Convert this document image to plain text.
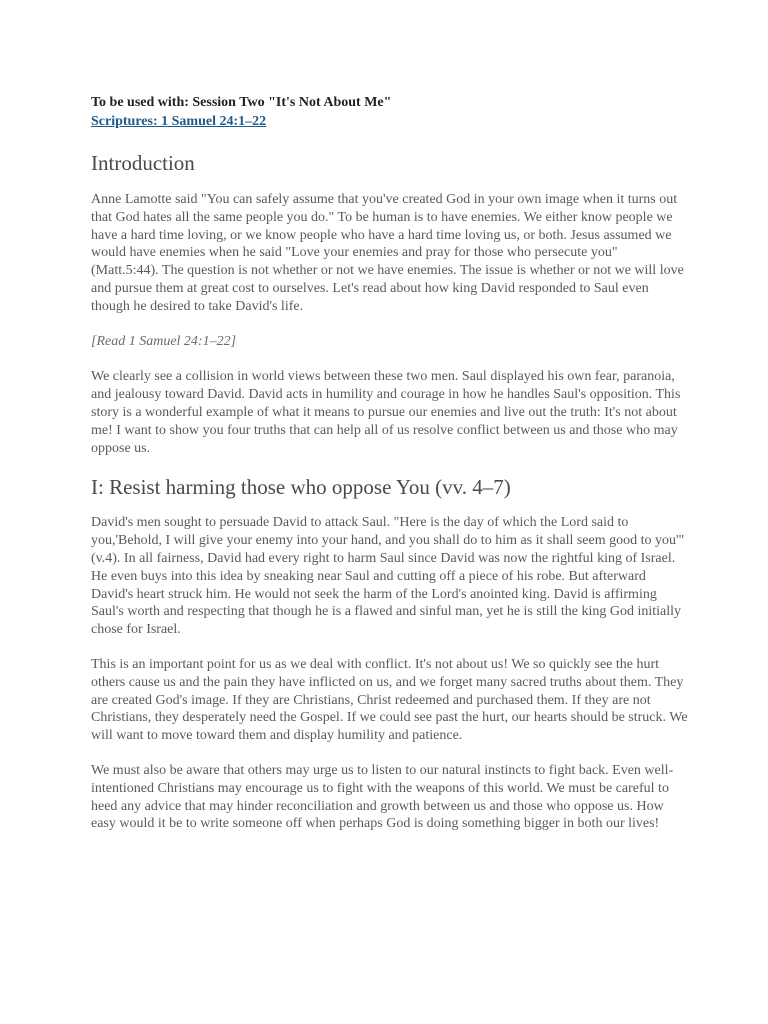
To be used with: Session Two "It's Not About Me"

Scriptures: 1 Samuel 24:1–22
Introduction

Anne Lamotte said "You can safely assume that you've created God in your own image when it turns out that God hates all the same people you do." To be human is to have enemies. We either know people we have a hard time loving, or we know people who have a hard time loving us, or both. Jesus assumed we would have enemies when he said "Love your enemies and pray for those who persecute you" (Matt.5:44). The question is not whether or not we have enemies. The issue is whether or not we will love and pursue them at great cost to ourselves. Let's read about how king David responded to Saul even though he desired to take David's life.

[Read 1 Samuel 24:1–22]

We clearly see a collision in world views between these two men. Saul displayed his own fear, paranoia, and jealousy toward David. David acts in humility and courage in how he handles Saul's opposition. This story is a wonderful example of what it means to pursue our enemies and live out the truth: It's not about me! I want to show you four truths that can help all of us resolve conflict between us and those who may oppose us.

I: Resist harming those who oppose You (vv. 4–7)

David's men sought to persuade David to attack Saul. "Here is the day of which the Lord said to you,'Behold, I will give your enemy into your hand, and you shall do to him as it shall seem good to you'" (v.4). In all fairness, David had every right to harm Saul since David was now the rightful king of Israel. He even buys into this idea by sneaking near Saul and cutting off a piece of his robe. But afterward David's heart struck him. He would not seek the harm of the Lord's anointed king. David is affirming Saul's worth and respecting that though he is a flawed and sinful man, yet he is still the king God initially chose for Israel.

This is an important point for us as we deal with conflict. It's not about us! We so quickly see the hurt others cause us and the pain they have inflicted on us, and we forget many sacred truths about them. They are created God's image. If they are Christians, Christ redeemed and purchased them. If they are not Christians, they desperately need the Gospel. If we could see past the hurt, our hearts should be struck. We will want to move toward them and display humility and patience.

We must also be aware that others may urge us to listen to our natural instincts to fight back. Even well-intentioned Christians may encourage us to fight with the weapons of this world. We must be careful to heed any advice that may hinder reconciliation and growth between us and those who oppose us. How easy would it be to write someone off when perhaps God is doing something bigger in both our lives!
